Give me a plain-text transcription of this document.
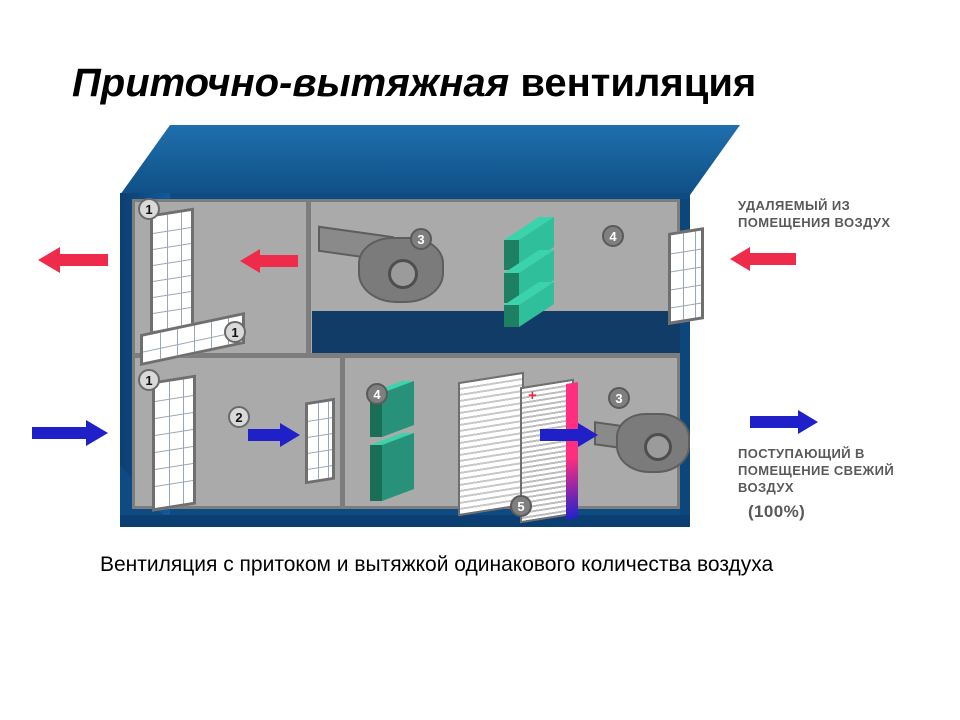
Приточно-вытяжная вентиляция
-	+
1
1
1
2
3
3
4
4
5
УДАЛЯЕМЫЙ ИЗ
ПОМЕЩЕНИЯ ВОЗДУХ
ПОСТУПАЮЩИЙ В
ПОМЕЩЕНИЕ СВЕЖИЙ
ВОЗДУХ
(100%)
Вентиляция с притоком и вытяжкой одинакового количества воздуха
